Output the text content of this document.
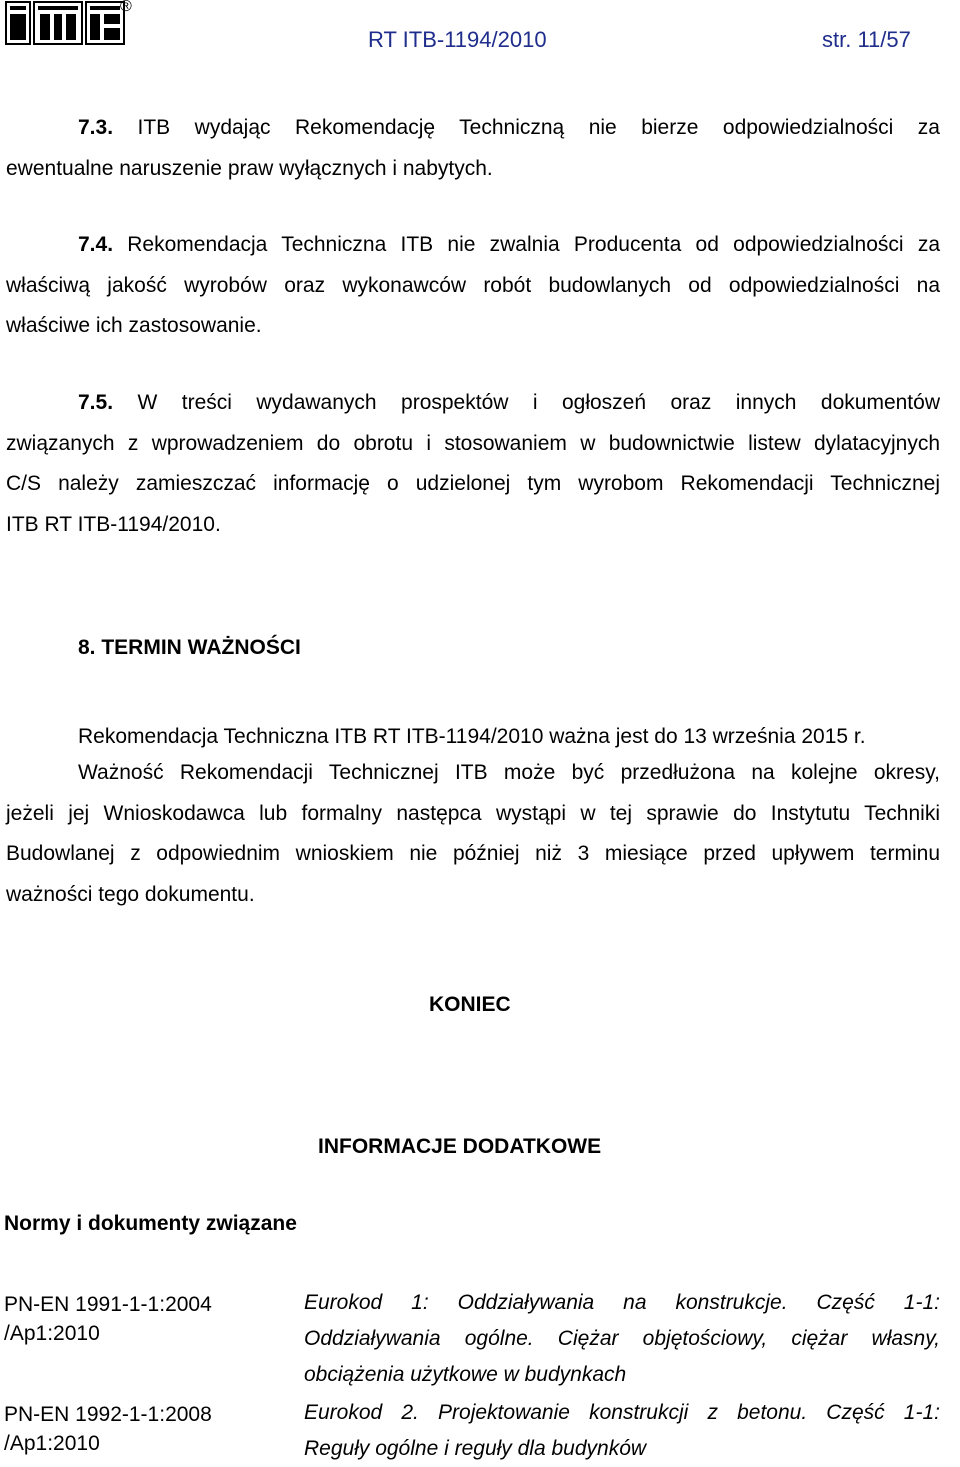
®
RT ITB-1194/2010	str. 11/57
7.3. ITB wydając Rekomendację Techniczną nie bierze odpowiedzialności za
ewentualne naruszenie praw wyłącznych i nabytych.
7.4. Rekomendacja Techniczna ITB nie zwalnia Producenta od odpowiedzialności za
właściwą jakość wyrobów oraz wykonawców robót budowlanych od odpowiedzialności na
właściwe ich zastosowanie.
7.5. W treści wydawanych prospektów i ogłoszeń oraz innych dokumentów
związanych z wprowadzeniem do obrotu i stosowaniem w budownictwie listew dylatacyjnych
C/S należy zamieszczać informację o udzielonej tym wyrobom Rekomendacji Technicznej
ITB RT ITB-1194/2010.
8. TERMIN WAŻNOŚCI
Rekomendacja Techniczna ITB RT ITB-1194/2010 ważna jest do 13 września 2015 r.
Ważność Rekomendacji Technicznej ITB może być przedłużona na kolejne okresy,
jeżeli jej Wnioskodawca lub formalny następca wystąpi w tej sprawie do Instytutu Techniki
Budowlanej z odpowiednim wnioskiem nie później niż 3 miesiące przed upływem terminu
ważności tego dokumentu.
KONIEC
INFORMACJE DODATKOWE
Normy i dokumenty związane
PN-EN 1991-1-1:2004
/Ap1:2010
Eurokod 1: Oddziaływania na konstrukcje. Część 1-1:
Oddziaływania ogólne. Ciężar objętościowy, ciężar własny,
obciążenia użytkowe w budynkach
PN-EN 1992-1-1:2008
/Ap1:2010
Eurokod 2. Projektowanie konstrukcji z betonu. Część 1-1:
Reguły ogólne i reguły dla budynków
